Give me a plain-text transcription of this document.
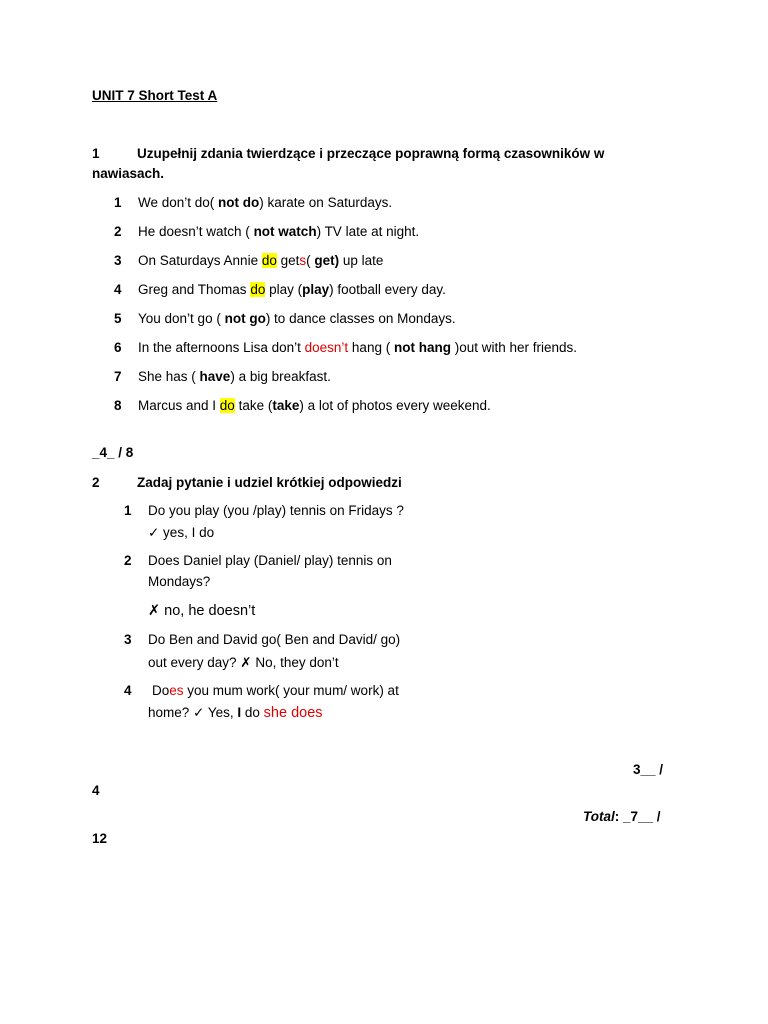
UNIT 7 Short Test A
1	Uzupełnij zdania twierdzące i przeczące poprawną formą czasowników w
nawiasach.
1 We don’t do( not do) karate on Saturdays.
2 He doesn’t watch ( not watch) TV late at night.
3 On Saturdays Annie do gets( get) up late
4 Greg and Thomas do play (play) football every day.
5 You don’t go ( not go) to dance classes on Mondays.
6 In the afternoons Lisa don’t doesn’t hang ( not hang )out with her friends.
7 She has ( have) a big breakfast.
8 Marcus and I do take (take) a lot of photos every weekend.
_4_ / 8
2	Zadaj pytanie i udziel krótkiej odpowiedzi
1 Do you play (you /play) tennis on Fridays ?
✓ yes, I do
2 Does Daniel play (Daniel/ play) tennis on
Mondays?
✗ no, he doesn’t
3 Do Ben and David go( Ben and David/ go)
out every day? ✗ No, they don’t
4 Does you mum work( your mum/ work) at
home? ✓ Yes, I do she does
3__ /
4
Total: _7__ /
12
